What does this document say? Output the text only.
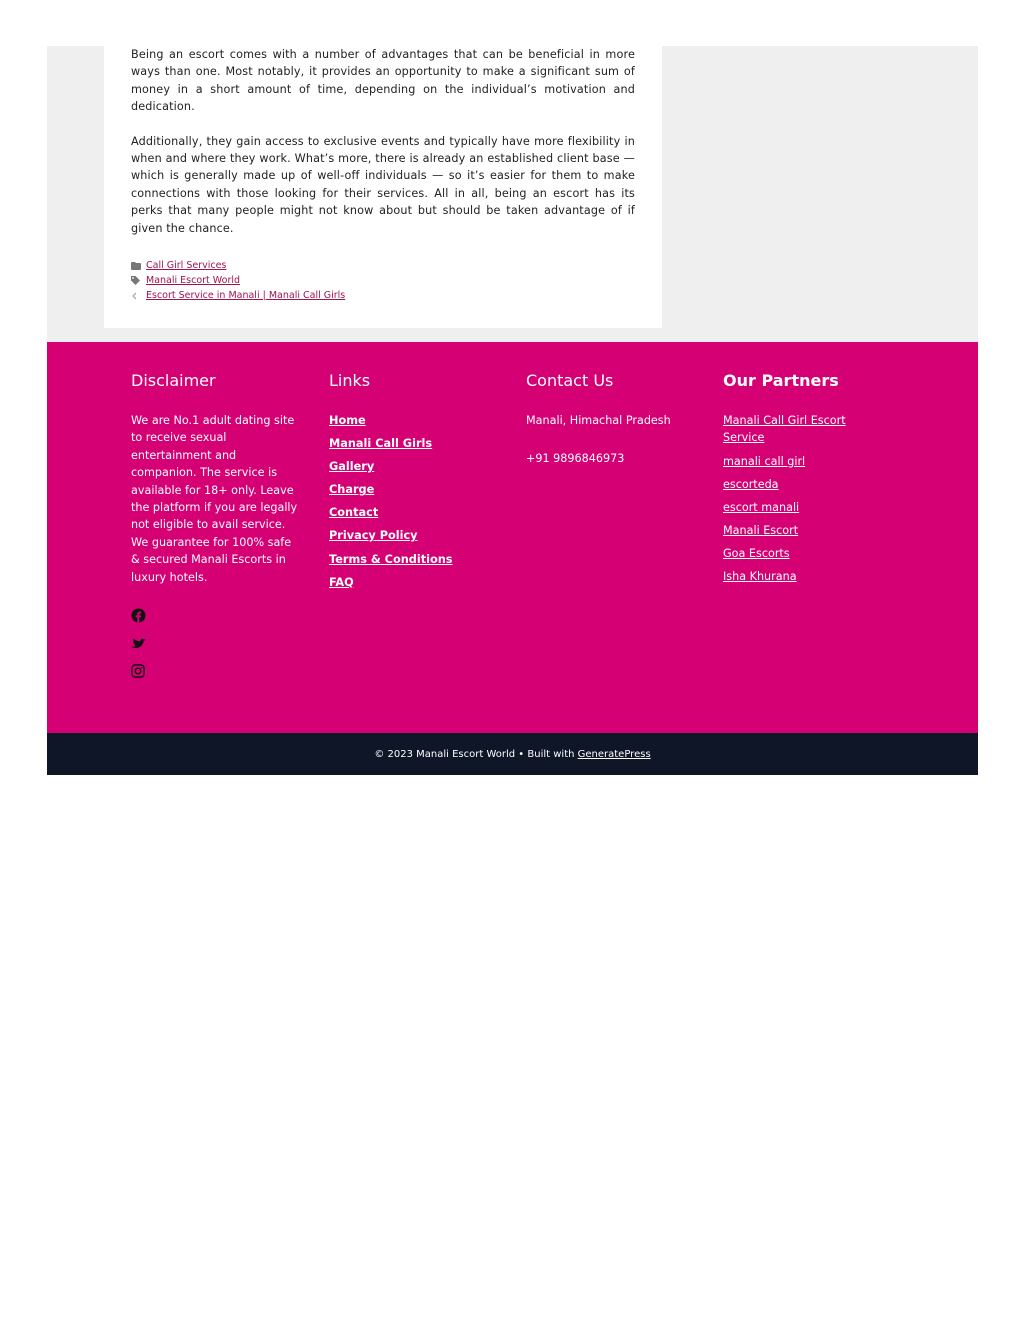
Being an escort comes with a number of advantages that can be beneficial in more ways than one. Most notably, it provides an opportunity to make a significant sum of money in a short amount of time, depending on the individual’s motivation and dedication.

Additionally, they gain access to exclusive events and typically have more flexibility in when and where they work. What’s more, there is already an established client base — which is generally made up of well-off individuals — so it’s easier for them to make connections with those looking for their services. All in all, being an escort has its perks that many people might not know about but should be taken advantage of if given the chance.

Call Girl Services
Manali Escort World
Escort Service in Manali | Manali Call Girls
Disclaimer
We are No.1 adult dating site to receive sexual entertainment and companion. The service is available for 18+ only. Leave the platform if you are legally not eligible to avail service. We guarantee for 100% safe & secured Manali Escorts in luxury hotels.
Links
Home
Manali Call Girls
Gallery
Charge
Contact
Privacy Policy
Terms & Conditions
FAQ
Contact Us
Manali, Himachal Pradesh
+91 9896846973
Our Partners
Manali Call Girl Escort Service
manali call girl
escorteda
escort manali
Manali Escort
Goa Escorts
Isha Khurana
© 2023 Manali Escort World • Built with GeneratePress
